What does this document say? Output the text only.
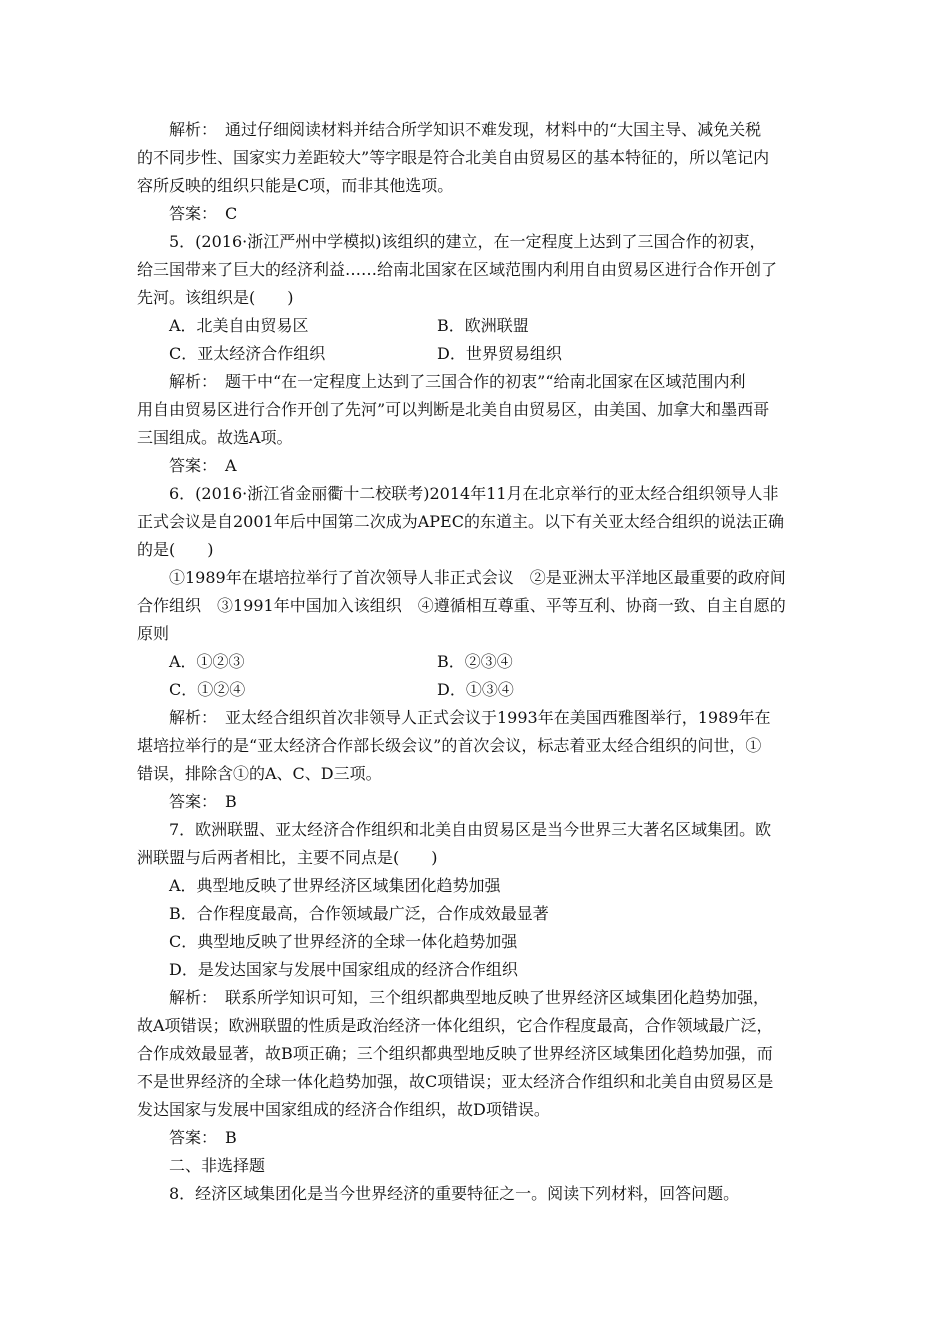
解析：　通过仔细阅读材料并结合所学知识不难发现，材料中的“大国主导、减免关税
的不同步性、国家实力差距较大”等字眼是符合北美自由贸易区的基本特征的，所以笔记内
容所反映的组织只能是C项，而非其他选项。
答案：　C
5．(2016·浙江严州中学模拟)该组织的建立，在一定程度上达到了三国合作的初衷，
给三国带来了巨大的经济利益……给南北国家在区域范围内利用自由贸易区进行合作开创了
先河。该组织是(　　)
A．北美自由贸易区	B．欧洲联盟
C．亚太经济合作组织	D．世界贸易组织
解析：　题干中“在一定程度上达到了三国合作的初衷”“给南北国家在区域范围内利
用自由贸易区进行合作开创了先河”可以判断是北美自由贸易区，由美国、加拿大和墨西哥
三国组成。故选A项。
答案：　A
6．(2016·浙江省金丽衢十二校联考)2014年11月在北京举行的亚太经合组织领导人非
正式会议是自2001年后中国第二次成为APEC的东道主。以下有关亚太经合组织的说法正确
的是(　　)
①1989年在堪培拉举行了首次领导人非正式会议　②是亚洲太平洋地区最重要的政府间
合作组织　③1991年中国加入该组织　④遵循相互尊重、平等互利、协商一致、自主自愿的
原则
A．①②③	B．②③④
C．①②④	D．①③④
解析：　亚太经合组织首次非领导人正式会议于1993年在美国西雅图举行，1989年在
堪培拉举行的是“亚太经济合作部长级会议”的首次会议，标志着亚太经合组织的问世，①
错误，排除含①的A、C、D三项。
答案：　B
7．欧洲联盟、亚太经济合作组织和北美自由贸易区是当今世界三大著名区域集团。欧
洲联盟与后两者相比，主要不同点是(　　)
A．典型地反映了世界经济区域集团化趋势加强
B．合作程度最高，合作领域最广泛，合作成效最显著
C．典型地反映了世界经济的全球一体化趋势加强
D．是发达国家与发展中国家组成的经济合作组织
解析：　联系所学知识可知，三个组织都典型地反映了世界经济区域集团化趋势加强，
故A项错误；欧洲联盟的性质是政治经济一体化组织，它合作程度最高，合作领域最广泛，
合作成效最显著，故B项正确；三个组织都典型地反映了世界经济区域集团化趋势加强，而
不是世界经济的全球一体化趋势加强，故C项错误；亚太经济合作组织和北美自由贸易区是
发达国家与发展中国家组成的经济合作组织，故D项错误。
答案：　B
二、非选择题
8．经济区域集团化是当今世界经济的重要特征之一。阅读下列材料，回答问题。
